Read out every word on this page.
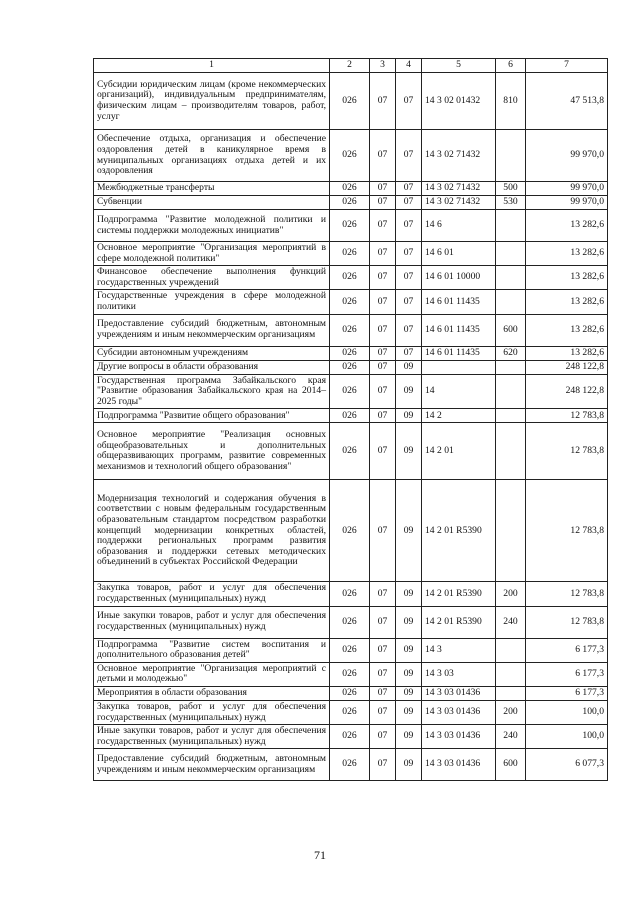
1	2	3	4	5	6	7
Субсидии юридическим лицам (кроме некоммерческих организаций), индивидуальным предпринимателям, физическим лицам – производителям товаров, работ, услуг	026	07	07	14 3 02 01432	810	47 513,8
Обеспечение отдыха, организация и обеспечение оздоровления детей в каникулярное время в муниципальных организациях отдыха детей и их оздоровления	026	07	07	14 3 02 71432		99 970,0
Межбюджетные трансферты	026	07	07	14 3 02 71432	500	99 970,0
Субвенции	026	07	07	14 3 02 71432	530	99 970,0
Подпрограмма "Развитие молодежной политики и системы поддержки молодежных инициатив"	026	07	07	14 6		13 282,6
Основное мероприятие "Организация мероприятий в сфере молодежной политики"	026	07	07	14 6 01		13 282,6
Финансовое обеспечение выполнения функций государственных учреждений	026	07	07	14 6 01 10000		13 282,6
Государственные учреждения в сфере молодежной политики	026	07	07	14 6 01 11435		13 282,6
Предоставление субсидий бюджетным, автономным учреждениям и иным некоммерческим организациям	026	07	07	14 6 01 11435	600	13 282,6
Субсидии автономным учреждениям	026	07	07	14 6 01 11435	620	13 282,6
Другие вопросы в области образования	026	07	09			248 122,8
Государственная программа Забайкальского края "Развитие образования Забайкальского края на 2014–2025 годы"	026	07	09	14		248 122,8
Подпрограмма "Развитие общего образования"	026	07	09	14 2		12 783,8
Основное мероприятие "Реализация основных общеобразовательных и дополнительных общеразвивающих программ, развитие современных механизмов и технологий общего образования"	026	07	09	14 2 01		12 783,8
Модернизация технологий и содержания обучения в соответствии с новым федеральным государственным образовательным стандартом посредством разработки концепций модернизации конкретных областей, поддержки региональных программ развития образования и поддержки сетевых методических объединений в субъектах Российской Федерации	026	07	09	14 2 01 R5390		12 783,8
Закупка товаров, работ и услуг для обеспечения государственных (муниципальных) нужд	026	07	09	14 2 01 R5390	200	12 783,8
Иные закупки товаров, работ и услуг для обеспечения государственных (муниципальных) нужд	026	07	09	14 2 01 R5390	240	12 783,8
Подпрограмма "Развитие систем воспитания и дополнительного образования детей"	026	07	09	14 3		6 177,3
Основное мероприятие "Организация мероприятий с детьми и молодежью"	026	07	09	14 3 03		6 177,3
Мероприятия в области образования	026	07	09	14 3 03 01436		6 177,3
Закупка товаров, работ и услуг для обеспечения государственных (муниципальных) нужд	026	07	09	14 3 03 01436	200	100,0
Иные закупки товаров, работ и услуг для обеспечения государственных (муниципальных) нужд	026	07	09	14 3 03 01436	240	100,0
Предоставление субсидий бюджетным, автономным учреждениям и иным некоммерческим организациям	026	07	09	14 3 03 01436	600	6 077,3
71
